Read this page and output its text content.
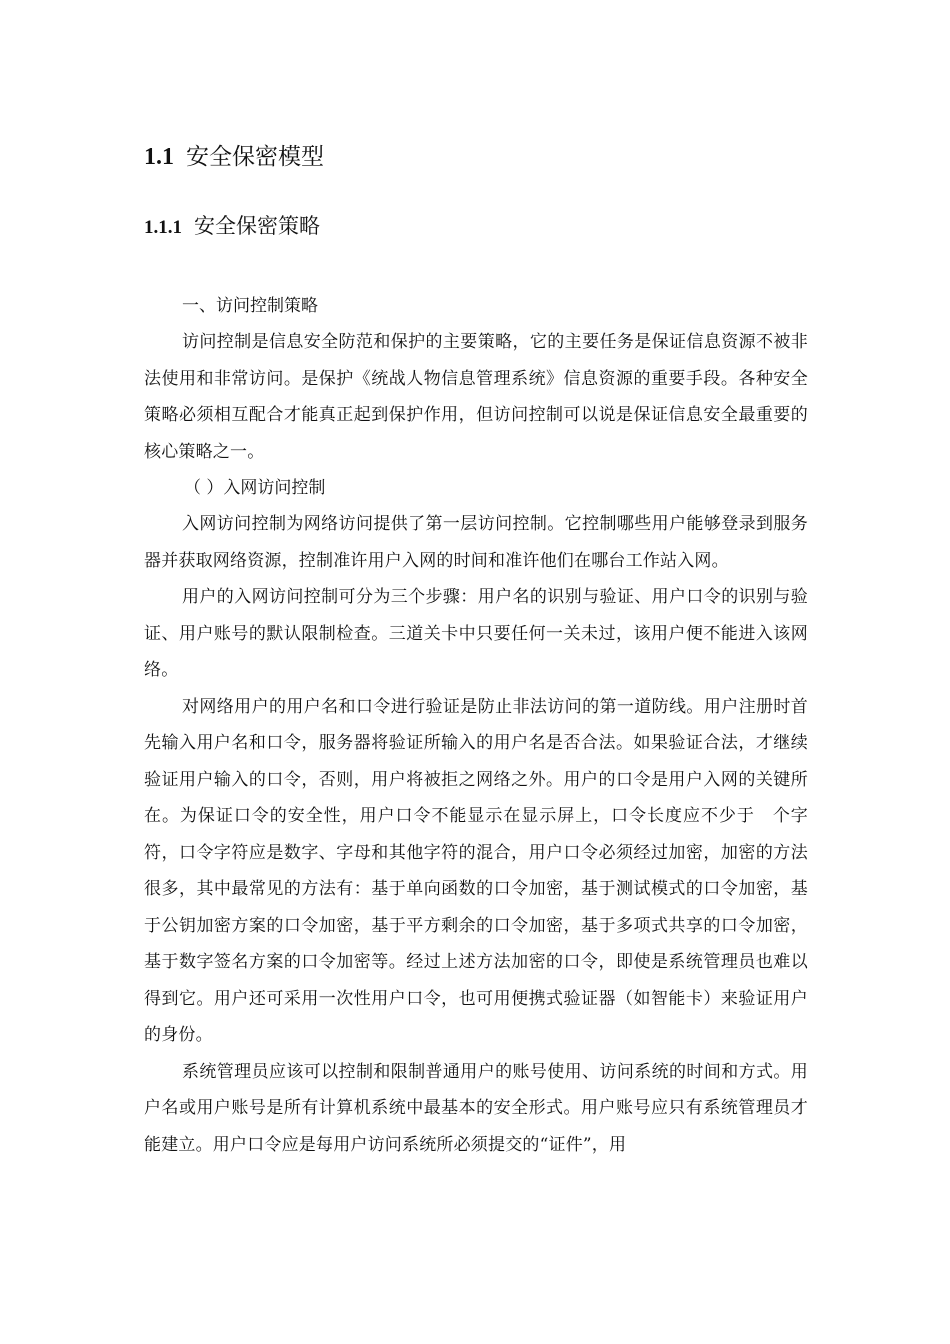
1.1 安全保密模型
1.1.1 安全保密策略
一、访问控制策略

访问控制是信息安全防范和保护的主要策略，它的主要任务是保证信息资源不被非法使用和非常访问。是保护《统战人物信息管理系统》信息资源的重要手段。各种安全策略必须相互配合才能真正起到保护作用，但访问控制可以说是保证信息安全最重要的核心策略之一。

（ ）入网访问控制

入网访问控制为网络访问提供了第一层访问控制。它控制哪些用户能够登录到服务器并获取网络资源，控制准许用户入网的时间和准许他们在哪台工作站入网。

用户的入网访问控制可分为三个步骤：用户名的识别与验证、用户口令的识别与验证、用户账号的默认限制检查。三道关卡中只要任何一关未过，该用户便不能进入该网络。

对网络用户的用户名和口令进行验证是防止非法访问的第一道防线。用户注册时首先输入用户名和口令，服务器将验证所输入的用户名是否合法。如果验证合法，才继续验证用户输入的口令，否则，用户将被拒之网络之外。用户的口令是用户入网的关键所在。为保证口令的安全性，用户口令不能显示在显示屏上，口令长度应不少于　个字符，口令字符应是数字、字母和其他字符的混合，用户口令必须经过加密，加密的方法很多，其中最常见的方法有：基于单向函数的口令加密，基于测试模式的口令加密，基于公钥加密方案的口令加密，基于平方剩余的口令加密，基于多项式共享的口令加密，基于数字签名方案的口令加密等。经过上述方法加密的口令，即使是系统管理员也难以得到它。用户还可采用一次性用户口令，也可用便携式验证器（如智能卡）来验证用户的身份。

系统管理员应该可以控制和限制普通用户的账号使用、访问系统的时间和方式。用户名或用户账号是所有计算机系统中最基本的安全形式。用户账号应只有系统管理员才能建立。用户口令应是每用户访问系统所必须提交的“证件”，用
